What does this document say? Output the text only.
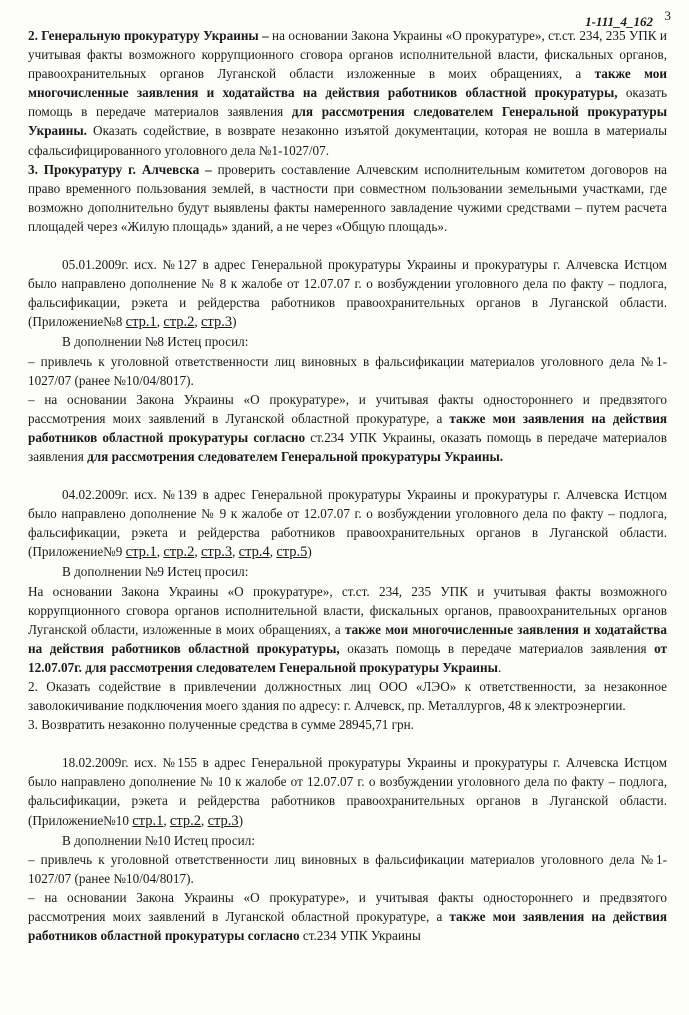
3
1-111_4_162

2. Генеральную прокуратуру Украины – на основании Закона Украины «О прокуратуре», ст.ст. 234, 235 УПК и учитывая факты возможного коррупционного сговора органов исполнительной власти, фискальных органов, правоохранительных органов Луганской области изложенные в моих обращениях, а также мои многочисленные заявления и ходатайства на действия работников областной прокуратуры, оказать помощь в передаче материалов заявления для рассмотрения следователем Генеральной прокуратуры Украины. Оказать содействие, в возврате незаконно изъятой документации, которая не вошла в материалы сфальсифицированного уголовного дела №1-1027/07.

3. Прокуратуру г. Алчевска – проверить составление Алчевским исполнительным комитетом договоров на право временного пользования землей, в частности при совместном пользовании земельными участками, где возможно дополнительно будут выявлены факты намеренного завладение чужими средствами – путем расчета площадей через «Жилую площадь» зданий, а не через «Общую площадь».

05.01.2009г. исх. №127 в адрес Генеральной прокуратуры Украины и прокуратуры г. Алчевска Истцом было направлено дополнение № 8 к жалобе от 12.07.07 г. о возбуждении уголовного дела по факту – подлога, фальсификации, рэкета и рейдерства работников правоохранительных органов в Луганской области. (Приложение№8 стр.1, стр.2, стр.3)

В дополнении №8 Истец просил:

– привлечь к уголовной ответственности лиц виновных в фальсификации материалов уголовного дела №1-1027/07 (ранее №10/04/8017).

– на основании Закона Украины «О прокуратуре», и учитывая факты одностороннего и предвзятого рассмотрения моих заявлений в Луганской областной прокуратуре, а также мои заявления на действия работников областной прокуратуры согласно ст.234 УПК Украины, оказать помощь в передаче материалов заявления для рассмотрения следователем Генеральной прокуратуры Украины.

04.02.2009г. исх. №139 в адрес Генеральной прокуратуры Украины и прокуратуры г. Алчевска Истцом было направлено дополнение № 9 к жалобе от 12.07.07 г. о возбуждении уголовного дела по факту – подлога, фальсификации, рэкета и рейдерства работников правоохранительных органов в Луганской области. (Приложение№9 стр.1, стр.2, стр.3, стр.4, стр.5)

В дополнении №9 Истец просил:

На основании Закона Украины «О прокуратуре», ст.ст. 234, 235 УПК и учитывая факты возможного коррупционного сговора органов исполнительной власти, фискальных органов, правоохранительных органов Луганской области, изложенные в моих обращениях, а также мои многочисленные заявления и ходатайства на действия работников областной прокуратуры, оказать помощь в передаче материалов заявления от 12.07.07г. для рассмотрения следователем Генеральной прокуратуры Украины.

2. Оказать содействие в привлечении должностных лиц ООО «ЛЭО» к ответственности, за незаконное заволокичивание подключения моего здания по адресу: г. Алчевск, пр. Металлургов, 48 к электроэнергии.

3. Возвратить незаконно полученные средства в сумме 28945,71 грн.

18.02.2009г. исх. №155 в адрес Генеральной прокуратуры Украины и прокуратуры г. Алчевска Истцом было направлено дополнение № 10 к жалобе от 12.07.07 г. о возбуждении уголовного дела по факту – подлога, фальсификации, рэкета и рейдерства работников правоохранительных органов в Луганской области. (Приложение№10 стр.1, стр.2, стр.3)

В дополнении №10 Истец просил:

– привлечь к уголовной ответственности лиц виновных в фальсификации материалов уголовного дела №1-1027/07 (ранее №10/04/8017).

– на основании Закона Украины «О прокуратуре», и учитывая факты одностороннего и предвзятого рассмотрения моих заявлений в Луганской областной прокуратуре, а также мои заявления на действия работников областной прокуратуры согласно ст.234 УПК Украины
